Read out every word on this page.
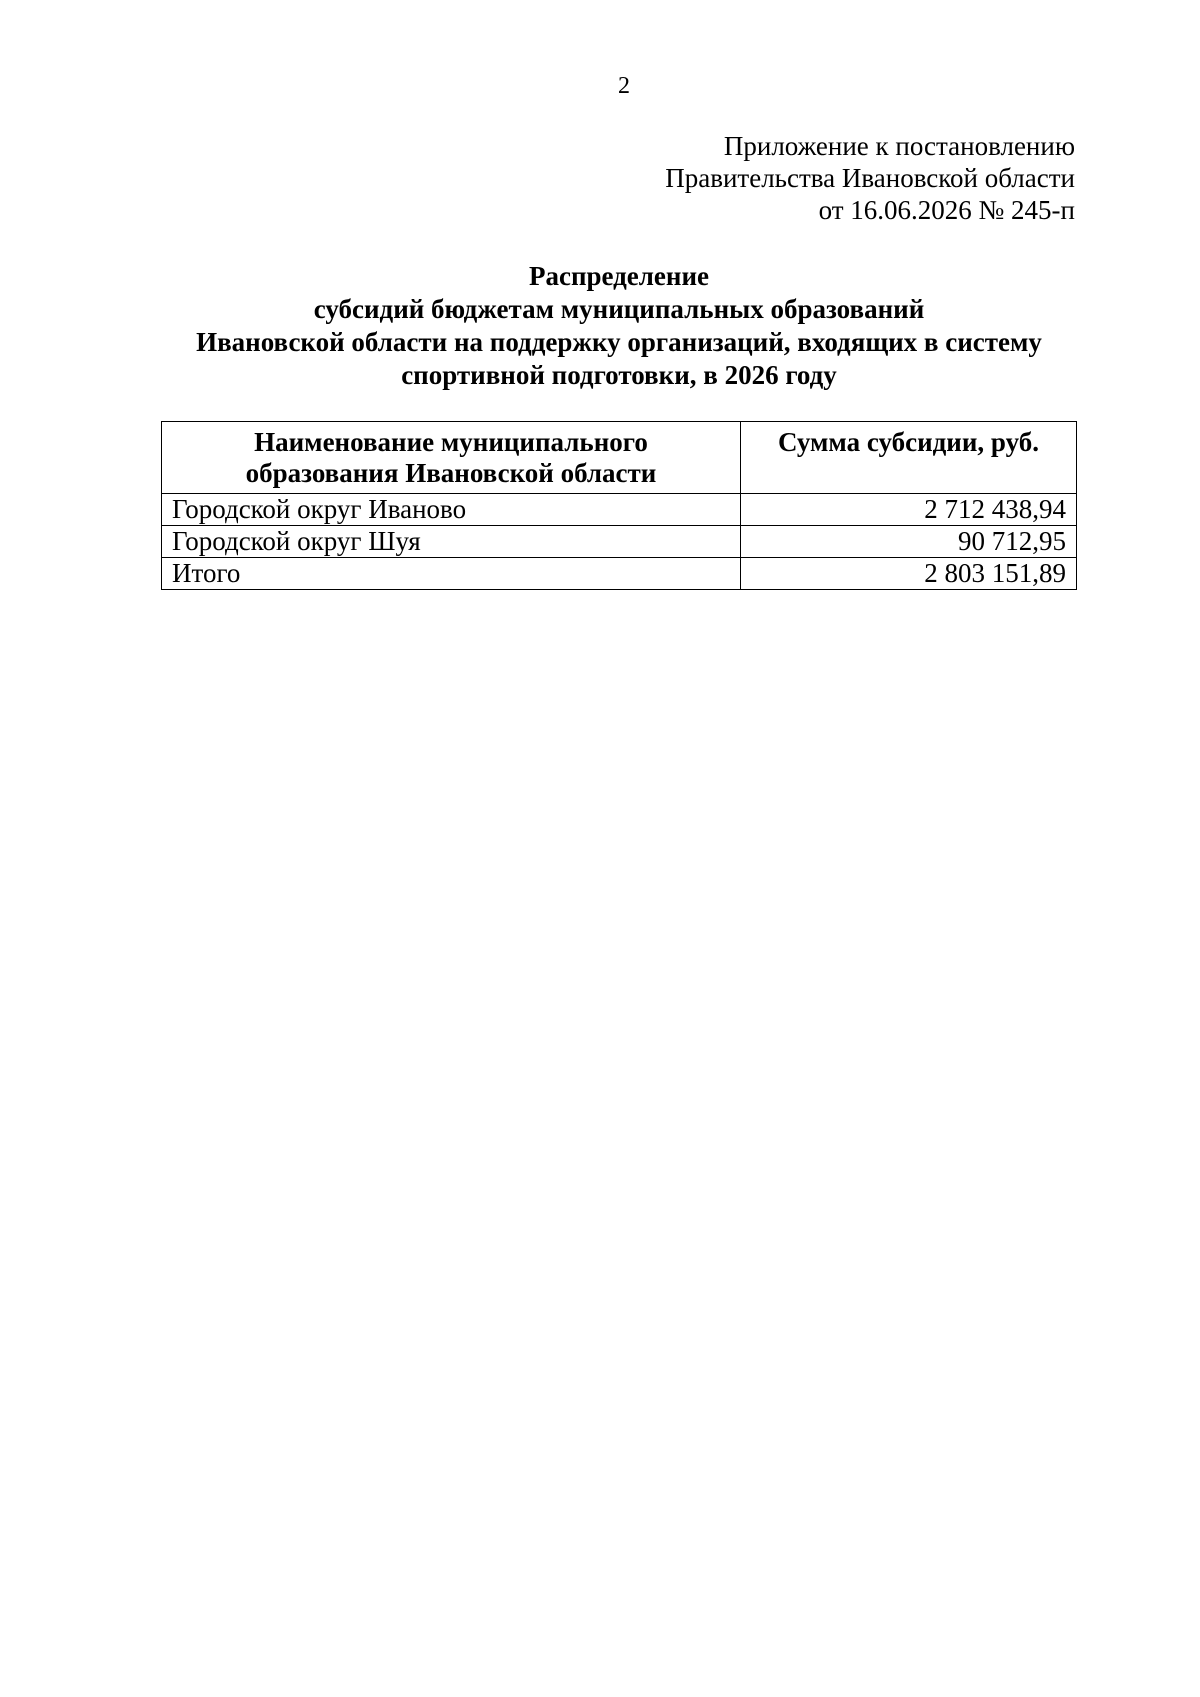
2
Приложение к постановлению
Правительства Ивановской области
от 16.06.2026 № 245-п
Распределение
субсидий бюджетам муниципальных образований
Ивановской области на поддержку организаций, входящих в систему
спортивной подготовки, в 2026 году
Наименование муниципального
образования Ивановской области	Сумма субсидии, руб.
Городской округ Иваново	2 712 438,94
Городской округ Шуя	90 712,95
Итого	2 803 151,89
